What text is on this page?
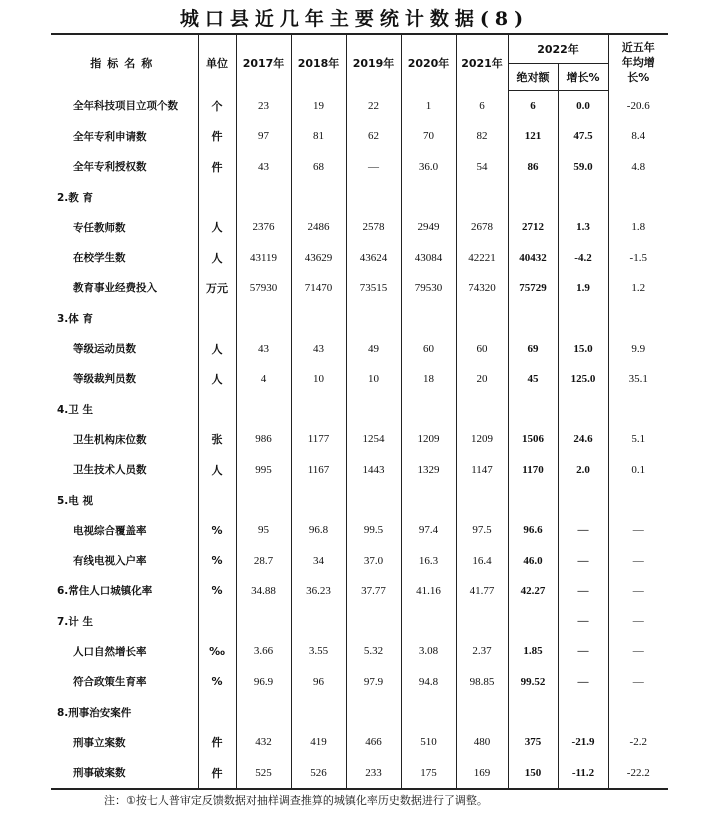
城口县近几年主要统计数据(8)
指标名称	单位	2017年	2018年	2019年	2020年	2021年	2022年		近五年
年均增
长%

							绝对额	增长%	
全年科技项目立项个数	个	23	19	22	1	6	6	0.0	-20.6
全年专利申请数	件	97	81	62	70	82	121	47.5	8.4
全年专利授权数	件	43	68	—	36.0	54	86	59.0	4.8
2.教 育									
专任教师数	人	2376	2486	2578	2949	2678	2712	1.3	1.8
在校学生数	人	43119	43629	43624	43084	42221	40432	-4.2	-1.5
教育事业经费投入	万元	57930	71470	73515	79530	74320	75729	1.9	1.2
3.体 育									
等级运动员数	人	43	43	49	60	60	69	15.0	9.9
等级裁判员数	人	4	10	10	18	20	45	125.0	35.1
4.卫 生									
卫生机构床位数	张	986	1177	1254	1209	1209	1506	24.6	5.1
卫生技术人员数	人	995	1167	1443	1329	1147	1170	2.0	0.1
5.电 视									
电视综合覆盖率	%	95	96.8	99.5	97.4	97.5	96.6	—	—
有线电视入户率	%	28.7	34	37.0	16.3	16.4	46.0	—	—
6.常住人口城镇化率	%	34.88	36.23	37.77	41.16	41.77	42.27	—	—
7.计 生								—	—
人口自然增长率	‰	3.66	3.55	5.32	3.08	2.37	1.85	—	—
符合政策生育率	%	96.9	96	97.9	94.8	98.85	99.52	—	—
8.刑事治安案件									
刑事立案数	件	432	419	466	510	480	375	-21.9	-2.2
刑事破案数	件	525	526	233	175	169	150	-11.2	-22.2
注：①按七人普审定反馈数据对抽样调查推算的城镇化率历史数据进行了调整。
